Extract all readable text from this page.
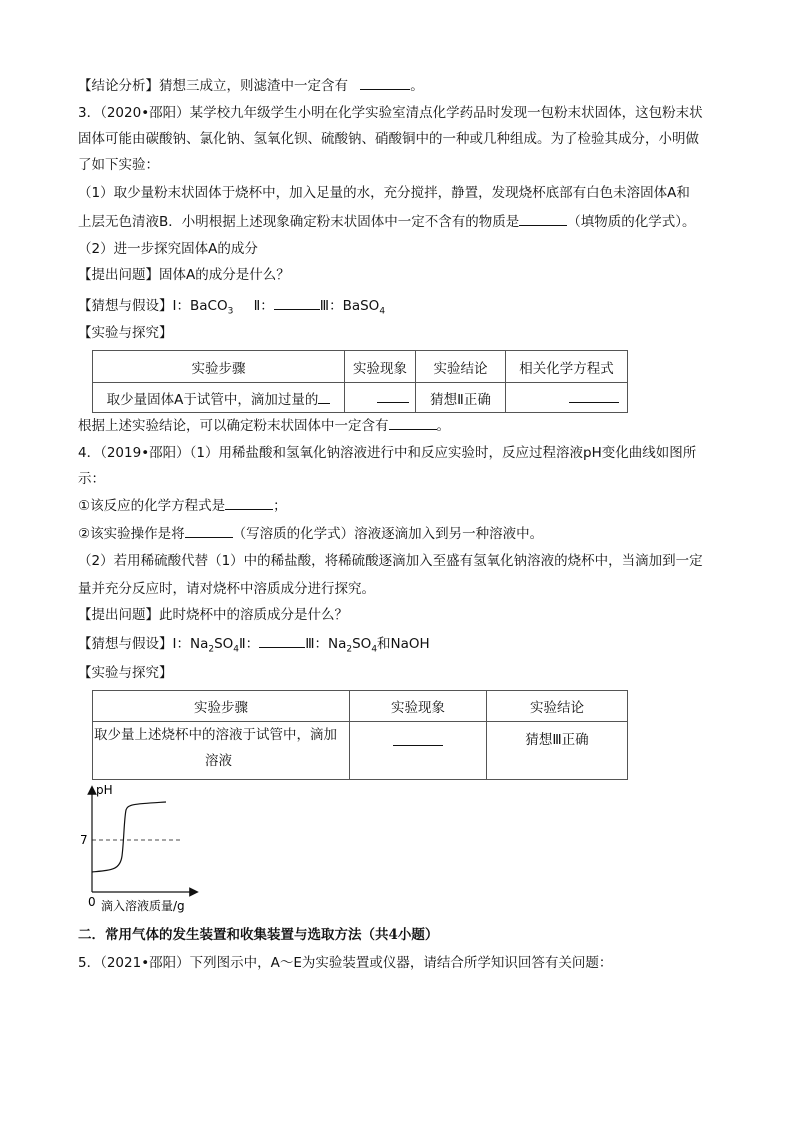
【结论分析】猜想三成立，则滤渣中一定含有	。
3．（2020•邵阳）某学校九年级学生小明在化学实验室清点化学药品时发现一包粉末状固体，这包粉末状
固体可能由碳酸钠、氯化钠、氢氧化钡、硫酸钠、硝酸铜中的一种或几种组成。为了检验其成分，小明做
了如下实验：
（1）取少量粉末状固体于烧杯中，加入足量的水，充分搅拌，静置，发现烧杯底部有白色未溶固体A和
上层无色清液B．小明根据上述现象确定粉末状固体中一定不含有的物质是	（填物质的化学式）。
（2）进一步探究固体A的成分
【提出问题】固体A的成分是什么？
【猜想与假设】Ⅰ：BaCO$_3$ Ⅱ：	Ⅲ：BaSO$_4$
【实验与探究】
实验步骤	实验现象	实验结论	相关化学方程式
取少量固体A于试管中，滴加过量的		猜想Ⅱ正确	
根据上述实验结论，可以确定粉末状固体中一定含有	。
4．（2019•邵阳）（1）用稀盐酸和氢氧化钠溶液进行中和反应实验时，反应过程溶液pH变化曲线如图所
示：
①该反应的化学方程式是	；
②该实验操作是将	（写溶质的化学式）溶液逐滴加入到另一种溶液中。
（2）若用稀硫酸代替（1）中的稀盐酸，将稀硫酸逐滴加入至盛有氢氧化钠溶液的烧杯中，当滴加到一定
量并充分反应时，请对烧杯中溶质成分进行探究。
【提出问题】此时烧杯中的溶质成分是什么？
【猜想与假设】Ⅰ：$Na_2SO_4Ⅱ$：	Ⅲ：$Na_2SO_4$和NaOH
【实验与探究】
实验步骤	实验现象	实验结论

取少量上述烧杯中的溶液于试管中，滴加
溶液		猜想Ⅲ正确
pH
7
0 滴入溶液质量/g
二．常用气体的发生装置和收集装置与选取方法（共4小题）
5．（2021•邵阳）下列图示中，A～E为实验装置或仪器，请结合所学知识回答有关问题：
